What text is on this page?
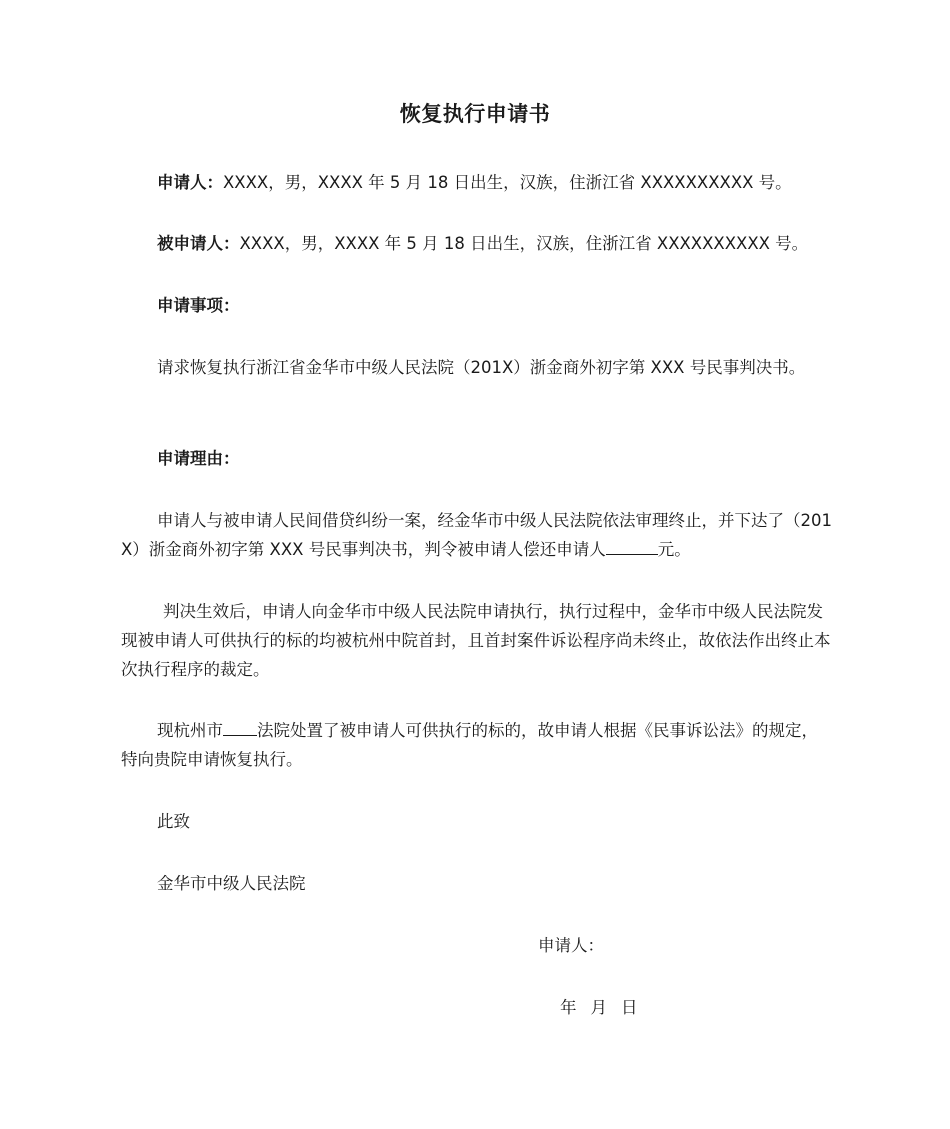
恢复执行申请书

申请人：XXXX，男，XXXX 年 5 月 18 日出生，汉族，住浙江省 XXXXXXXXXX 号。

被申请人：XXXX，男，XXXX 年 5 月 18 日出生，汉族，住浙江省 XXXXXXXXXX 号。

申请事项：

请求恢复执行浙江省金华市中级人民法院（201X）浙金商外初字第 XXX 号民事判决书。

申请理由：

申请人与被申请人民间借贷纠纷一案，经金华市中级人民法院依法审理终止，并下达了（201X）浙金商外初字第 XXX 号民事判决书，判令被申请人偿还申请人	元。

判决生效后，申请人向金华市中级人民法院申请执行，执行过程中，金华市中级人民法院发现被申请人可供执行的标的均被杭州中院首封，且首封案件诉讼程序尚未终止，故依法作出终止本次执行程序的裁定。

现杭州市 法院处置了被申请人可供执行的标的，故申请人根据《民事诉讼法》的规定，特向贵院申请恢复执行。

此致

金华市中级人民法院

申请人：
年 月 日
